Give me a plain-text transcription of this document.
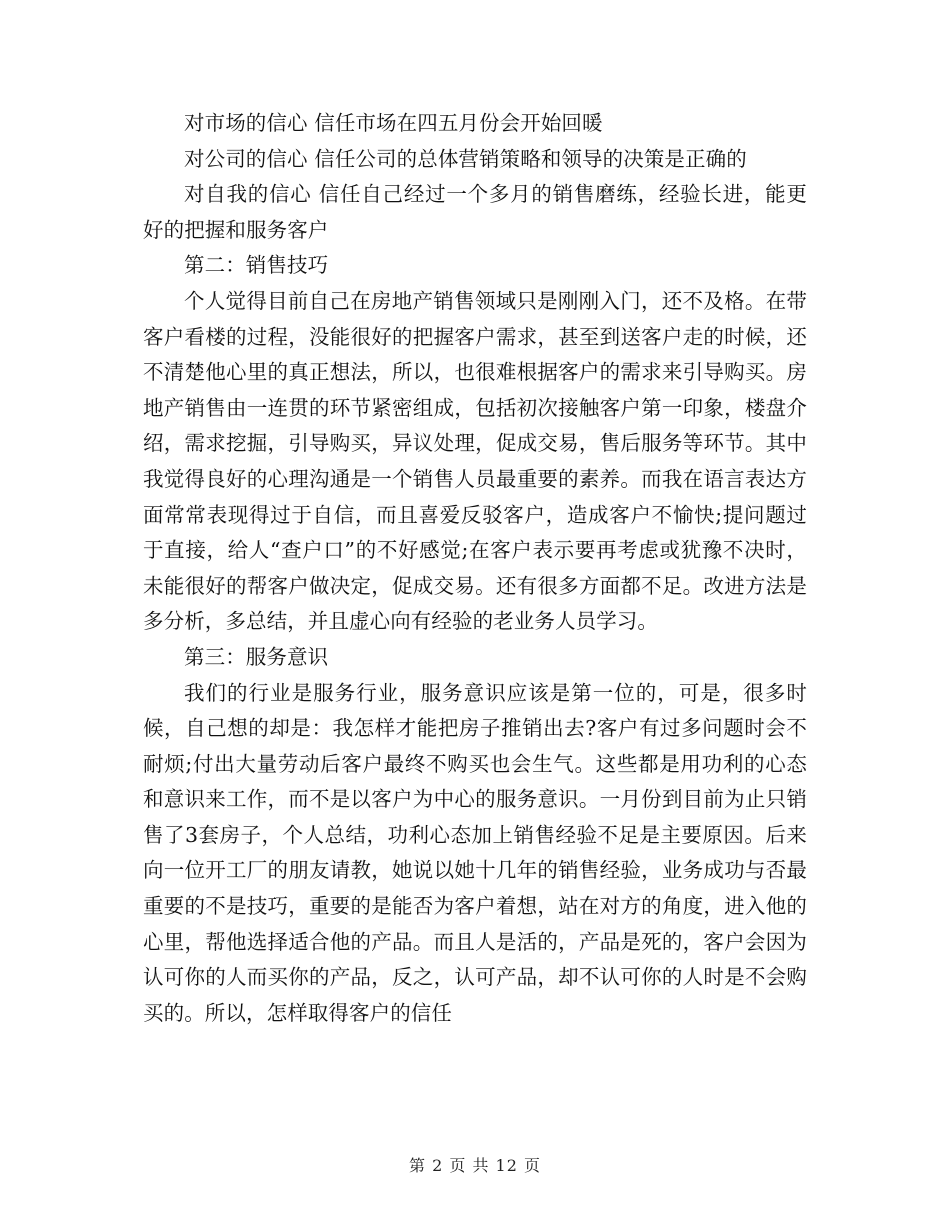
对市场的信心 信任市场在四五月份会开始回暖

对公司的信心 信任公司的总体营销策略和领导的决策是正确的

对自我的信心 信任自己经过一个多月的销售磨练，经验长进，能更好的把握和服务客户

第二：销售技巧

个人觉得目前自己在房地产销售领域只是刚刚入门，还不及格。在带客户看楼的过程，没能很好的把握客户需求，甚至到送客户走的时候，还不清楚他心里的真正想法，所以，也很难根据客户的需求来引导购买。房地产销售由一连贯的环节紧密组成，包括初次接触客户第一印象，楼盘介绍，需求挖掘，引导购买，异议处理，促成交易，售后服务等环节。其中我觉得良好的心理沟通是一个销售人员最重要的素养。而我在语言表达方面常常表现得过于自信，而且喜爱反驳客户，造成客户不愉快;提问题过于直接，给人“查户口”的不好感觉;在客户表示要再考虑或犹豫不决时，未能很好的帮客户做决定，促成交易。还有很多方面都不足。改进方法是多分析，多总结，并且虚心向有经验的老业务人员学习。

第三：服务意识

我们的行业是服务行业，服务意识应该是第一位的，可是，很多时候，自己想的却是：我怎样才能把房子推销出去?客户有过多问题时会不耐烦;付出大量劳动后客户最终不购买也会生气。这些都是用功利的心态和意识来工作，而不是以客户为中心的服务意识。一月份到目前为止只销售了3套房子，个人总结，功利心态加上销售经验不足是主要原因。后来向一位开工厂的朋友请教，她说以她十几年的销售经验，业务成功与否最重要的不是技巧，重要的是能否为客户着想，站在对方的角度，进入他的心里，帮他选择适合他的产品。而且人是活的，产品是死的，客户会因为认可你的人而买你的产品，反之，认可产品，却不认可你的人时是不会购买的。所以，怎样取得客户的信任

第 2 页 共 12 页
